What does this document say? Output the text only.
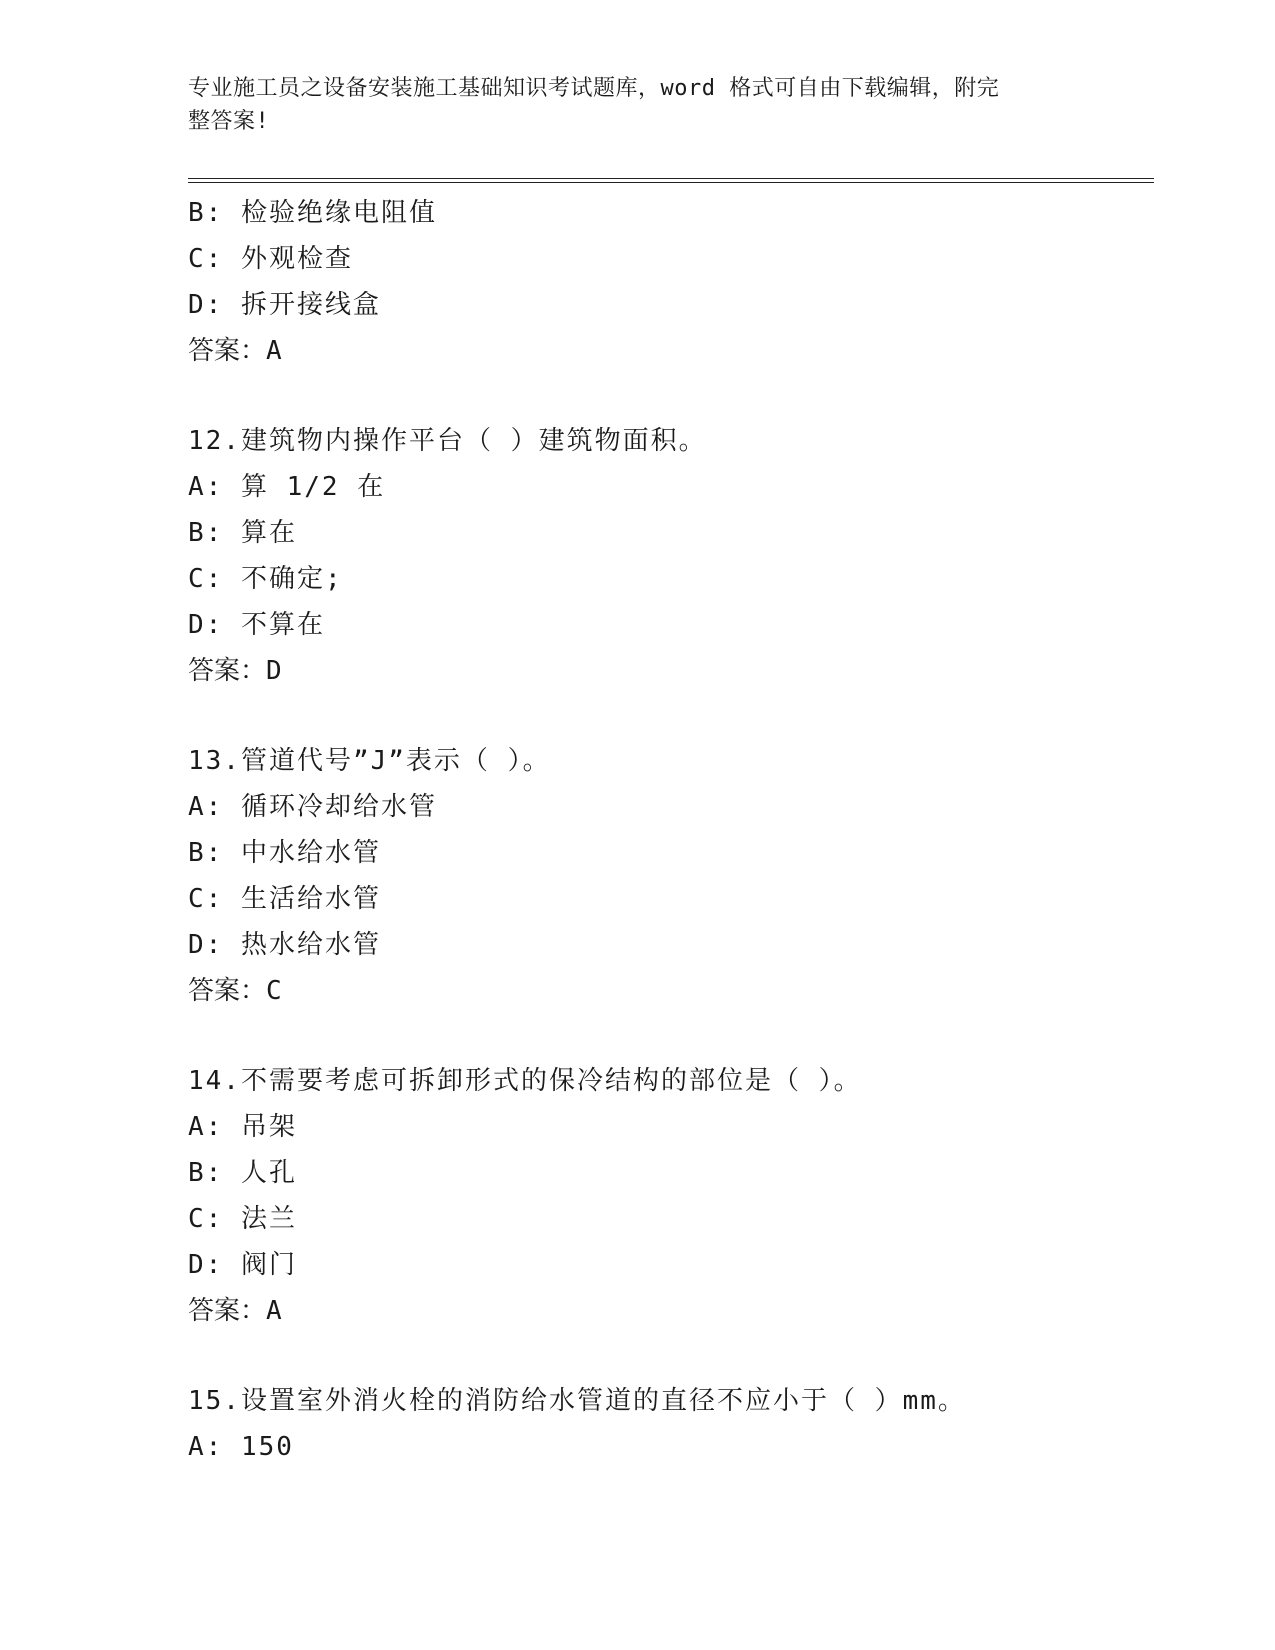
专业施工员之设备安装施工基础知识考试题库，word 格式可自由下载编辑，附完
整答案!
B: 检验绝缘电阻值
C: 外观检查
D: 拆开接线盒
答案：A
12.建筑物内操作平台（ ）建筑物面积。
A: 算 1/2 在
B: 算在
C: 不确定;
D: 不算在
答案：D
13.管道代号”J”表示（ ）。
A: 循环冷却给水管
B: 中水给水管
C: 生活给水管
D: 热水给水管
答案：C
14.不需要考虑可拆卸形式的保冷结构的部位是（ ）。
A: 吊架
B: 人孔
C: 法兰
D: 阀门
答案：A
15.设置室外消火栓的消防给水管道的直径不应小于（ ）mm。
A: 150
